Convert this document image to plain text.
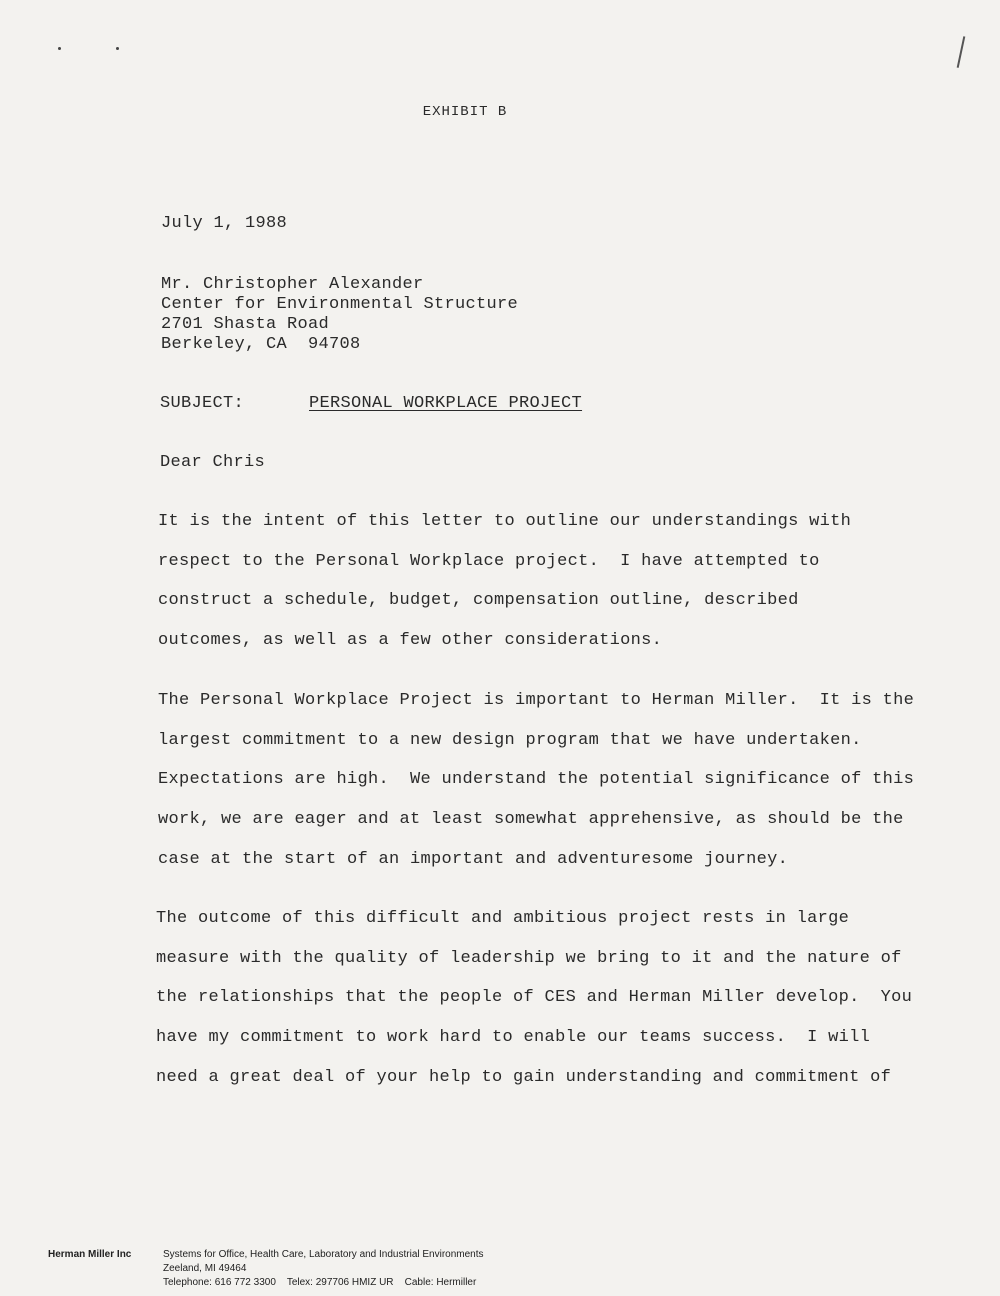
EXHIBIT B
July 1, 1988
Mr. Christopher Alexander
Center for Environmental Structure
2701 Shasta Road
Berkeley, CA  94708
SUBJECT:	PERSONAL WORKPLACE PROJECT
Dear Chris
It is the intent of this letter to outline our understandings with
respect to the Personal Workplace project.  I have attempted to
construct a schedule, budget, compensation outline, described
outcomes, as well as a few other considerations.
The Personal Workplace Project is important to Herman Miller.  It is the
largest commitment to a new design program that we have undertaken.
Expectations are high.  We understand the potential significance of this
work, we are eager and at least somewhat apprehensive, as should be the
case at the start of an important and adventuresome journey.
The outcome of this difficult and ambitious project rests in large
measure with the quality of leadership we bring to it and the nature of
the relationships that the people of CES and Herman Miller develop.  You
have my commitment to work hard to enable our teams success.  I will
need a great deal of your help to gain understanding and commitment of
Herman Miller Inc	Systems for Office, Health Care, Laboratory and Industrial Environments
Zeeland, MI 49464
Telephone: 616 772 3300    Telex: 297706 HMIZ UR    Cable: Hermiller
